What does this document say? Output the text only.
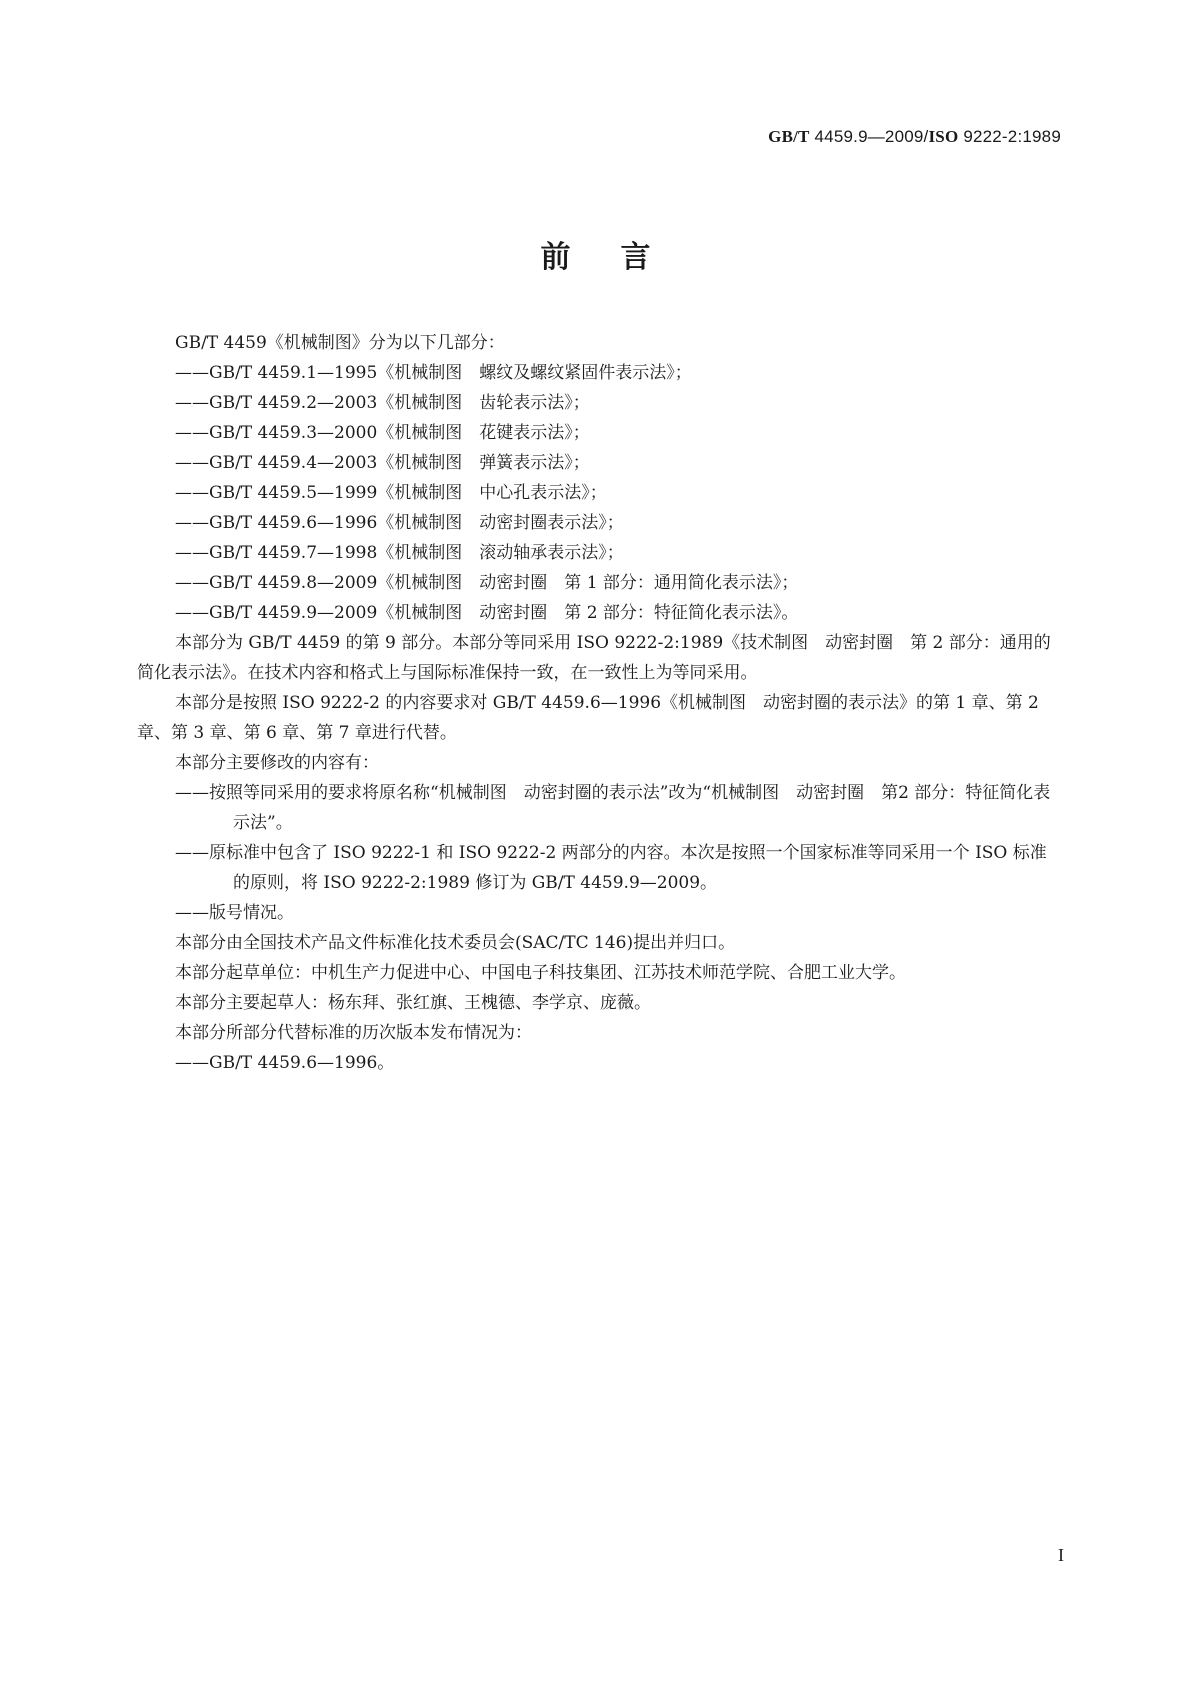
GB/T 4459.9—2009/ISO 9222-2:1989
前言

GB/T 4459《机械制图》分为以下几部分：

——GB/T 4459.1—1995《机械制图　螺纹及螺纹紧固件表示法》；

——GB/T 4459.2—2003《机械制图　齿轮表示法》；

——GB/T 4459.3—2000《机械制图　花键表示法》；

——GB/T 4459.4—2003《机械制图　弹簧表示法》；

——GB/T 4459.5—1999《机械制图　中心孔表示法》；

——GB/T 4459.6—1996《机械制图　动密封圈表示法》；

——GB/T 4459.7—1998《机械制图　滚动轴承表示法》；

——GB/T 4459.8—2009《机械制图　动密封圈　第 1 部分：通用简化表示法》；

——GB/T 4459.9—2009《机械制图　动密封圈　第 2 部分：特征简化表示法》。

本部分为 GB/T 4459 的第 9 部分。本部分等同采用 ISO 9222-2:1989《技术制图　动密封圈　第 2 部分：通用的简化表示法》。在技术内容和格式上与国际标准保持一致，在一致性上为等同采用。

本部分是按照 ISO 9222-2 的内容要求对 GB/T 4459.6—1996《机械制图　动密封圈的表示法》的第 1 章、第 2 章、第 3 章、第 6 章、第 7 章进行代替。

本部分主要修改的内容有：

——按照等同采用的要求将原名称“机械制图　动密封圈的表示法”改为“机械制图　动密封圈　第2 部分：特征简化表示法”。

——原标准中包含了 ISO 9222-1 和 ISO 9222-2 两部分的内容。本次是按照一个国家标准等同采用一个 ISO 标准的原则，将 ISO 9222-2:1989 修订为 GB/T 4459.9—2009。

——版号情况。

本部分由全国技术产品文件标准化技术委员会(SAC/TC 146)提出并归口。

本部分起草单位：中机生产力促进中心、中国电子科技集团、江苏技术师范学院、合肥工业大学。

本部分主要起草人：杨东拜、张红旗、王槐德、李学京、庞薇。

本部分所部分代替标准的历次版本发布情况为：

——GB/T 4459.6—1996。

I
